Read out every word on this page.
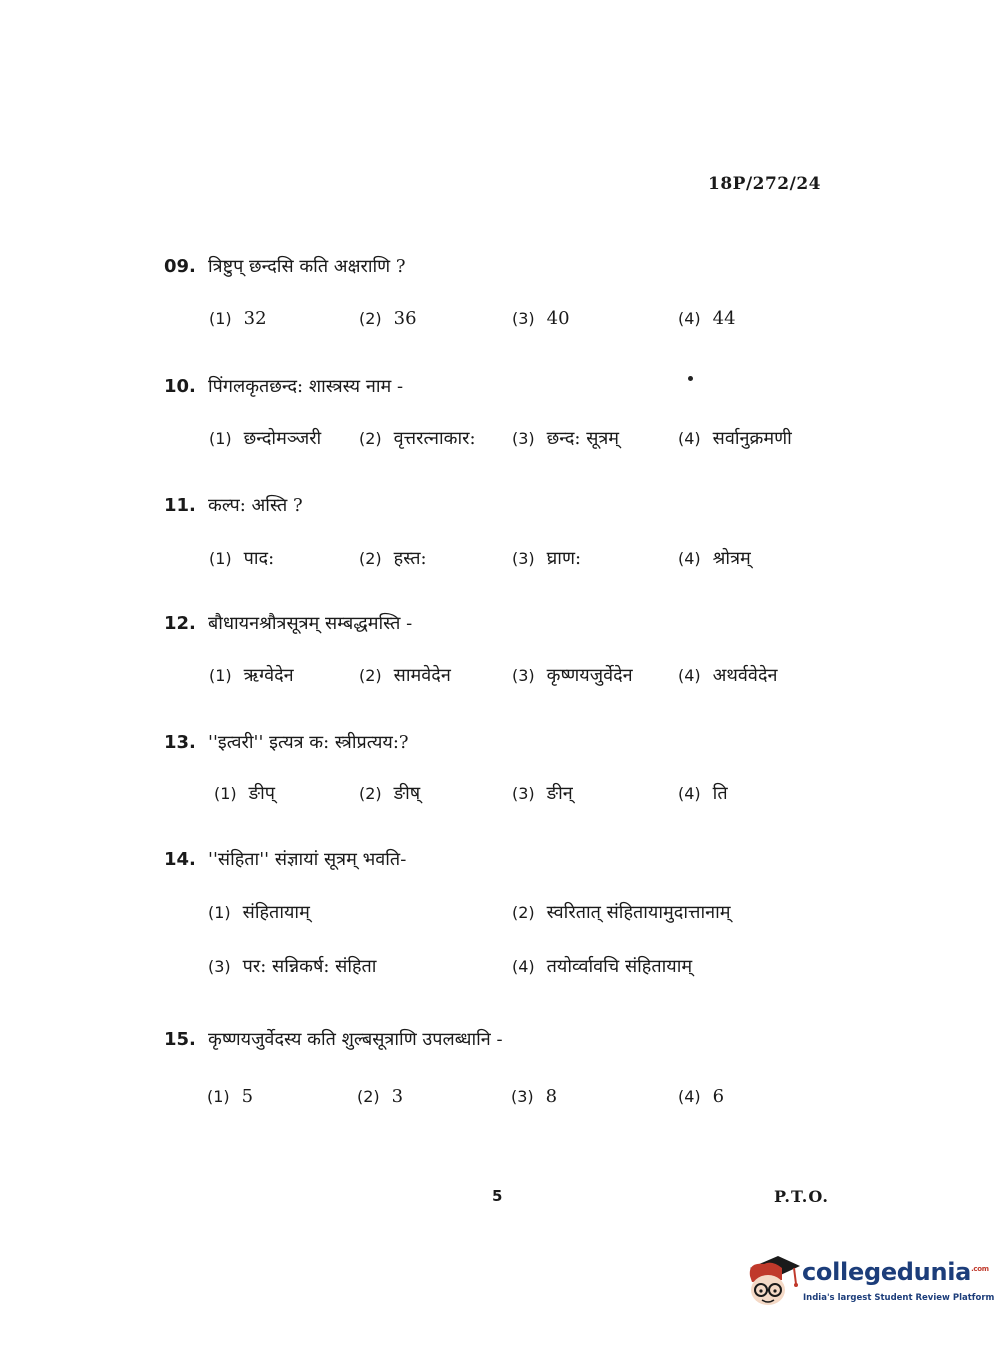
18P/272/24
09. त्रिष्टुप् छन्दसि कति अक्षराणि ?
(1) 32	(2) 36	(3) 40	(4) 44
10. पिंगलकृतछन्द: शास्त्रस्य नाम -
(1) छन्दोमञ्जरी (2) वृत्तरत्नाकार: (3) छन्द: सूत्रम्	(4) सर्वानुक्रमणी
11. कल्प: अस्ति ?
(1) पाद:	(2) हस्त:	(3) घ्राण:	(4) श्रोत्रम्
12. बौधायनश्रौत्रसूत्रम् सम्बद्धमस्ति -
(1) ऋग्वेदेन	(2) सामवेदेन	(3) कृष्णयजुर्वेदेन	(4) अथर्ववेदेन
13. ''इत्वरी'' इत्यत्र क: स्त्रीप्रत्यय:?
(1) ङीप्	(2) ङीष्	(3) ङीन्	(4) ति
14. ''संहिता'' संज्ञायां सूत्रम् भवति-
(1) संहितायाम्	(2) स्वरितात् संहितायामुदात्तानाम्
(3) पर: सन्निकर्ष: संहिता	(4) तयोर्व्वावचि संहितायाम्
15. कृष्णयजुर्वेदस्य कति शुल्बसूत्राणि उपलब्धानि -
(1) 5	(2) 3	(3) 8	(4) 6
5	P.T.O.
collegedunia$^{.com}$
India's largest Student Review Platform
